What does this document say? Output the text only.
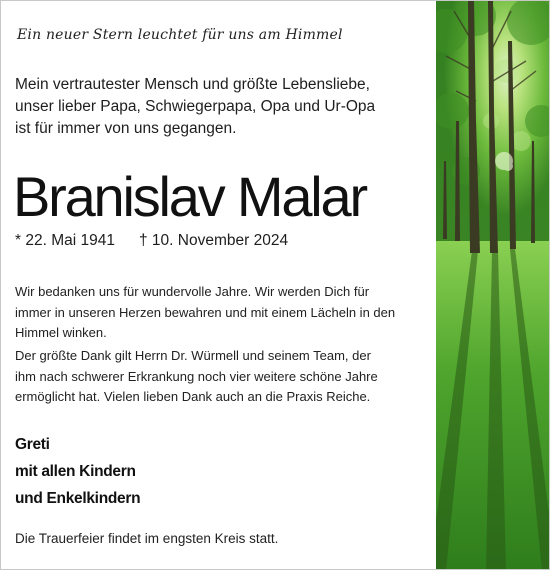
Ein neuer Stern leuchtet für uns am Himmel
Mein vertrautester Mensch und größte Lebensliebe,
unser lieber Papa, Schwiegerpapa, Opa und Ur-Opa
ist für immer von uns gegangen.
Branislav Malar
* 22. Mai 1941 † 10. November 2024
Wir bedanken uns für wundervolle Jahre. Wir werden Dich für
immer in unseren Herzen bewahren und mit einem Lächeln in den
Himmel winken.
Der größte Dank gilt Herrn Dr. Würmell und seinem Team, der
ihm nach schwerer Erkrankung noch vier weitere schöne Jahre
ermöglicht hat. Vielen lieben Dank auch an die Praxis Reiche.
Greti
mit allen Kindern
und Enkelkindern
Die Trauerfeier findet im engsten Kreis statt.
